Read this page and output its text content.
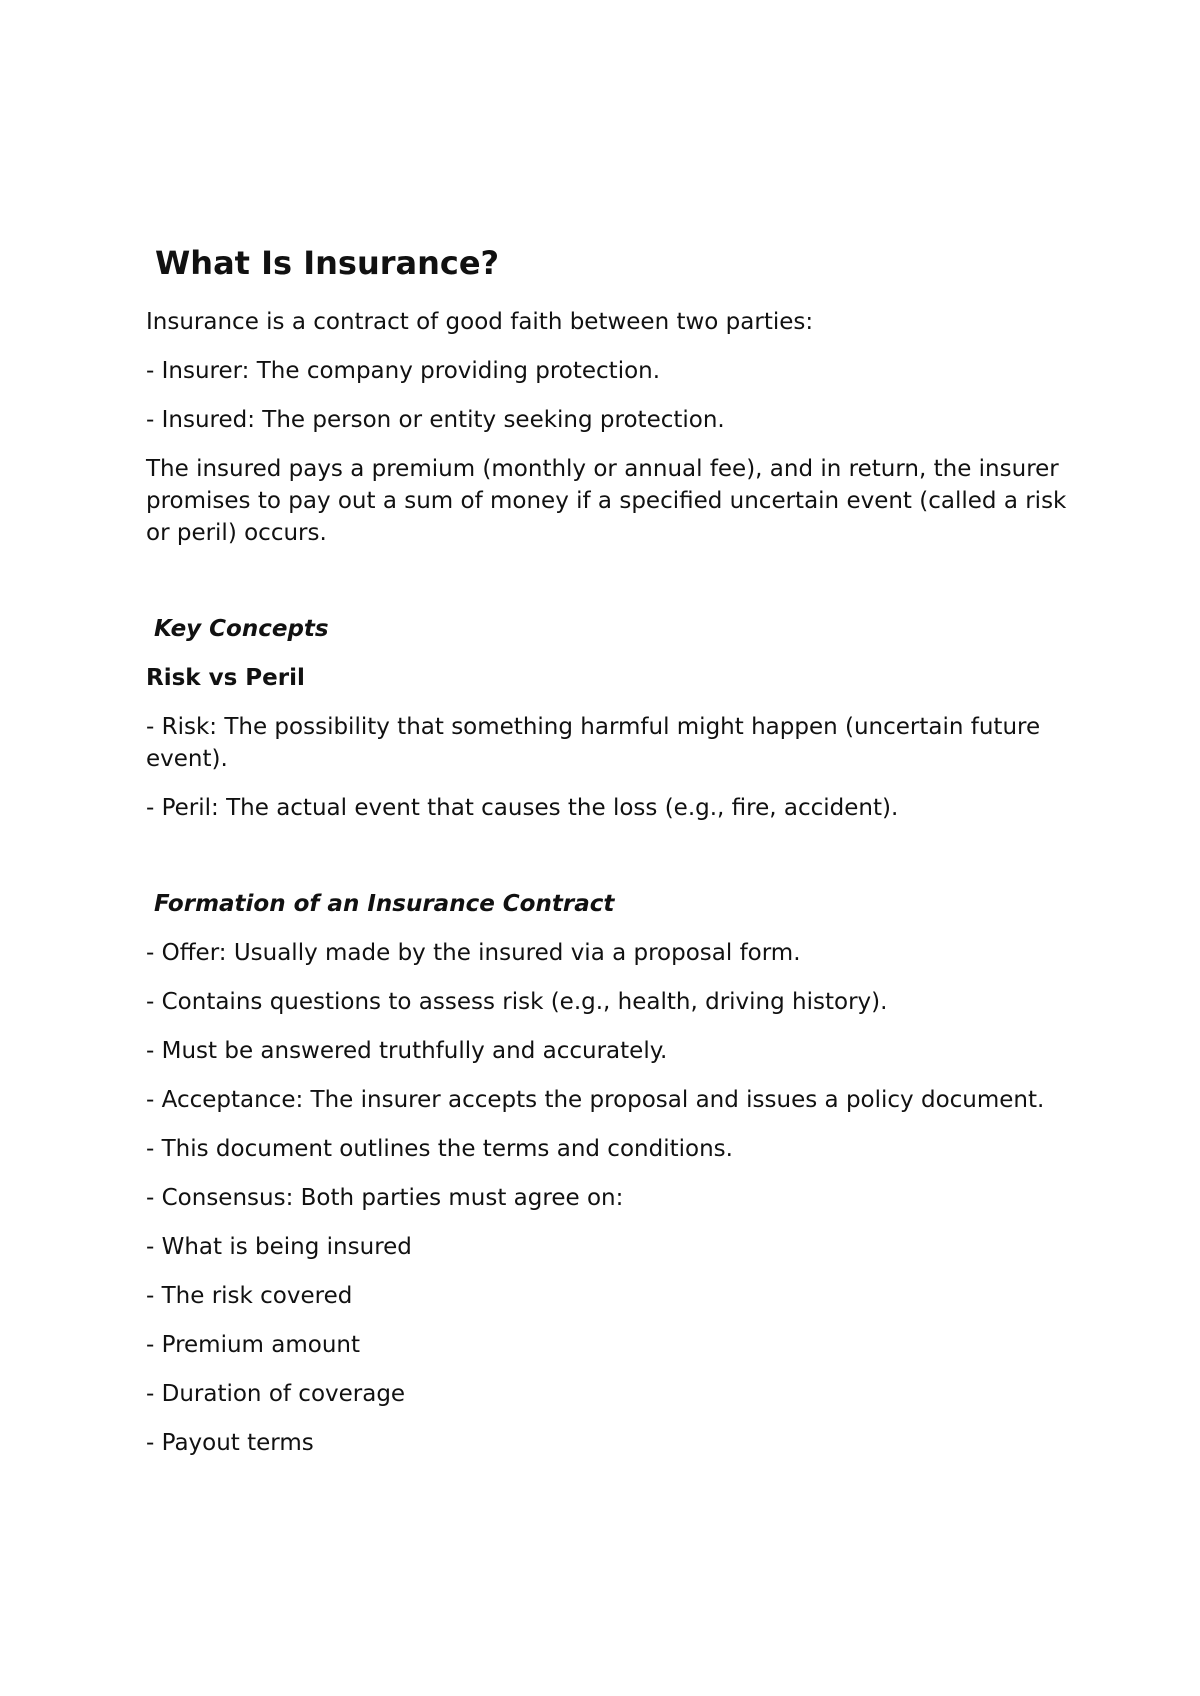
What Is Insurance?

Insurance is a contract of good faith between two parties:

- Insurer: The company providing protection.

- Insured: The person or entity seeking protection.

The insured pays a premium (monthly or annual fee), and in return, the insurer promises to pay out a sum of money if a specified uncertain event (called a risk or peril) occurs.

Key Concepts
Risk vs Peril

- Risk: The possibility that something harmful might happen (uncertain future event).

- Peril: The actual event that causes the loss (e.g., fire, accident).

Formation of an Insurance Contract

- Offer: Usually made by the insured via a proposal form.

- Contains questions to assess risk (e.g., health, driving history).

- Must be answered truthfully and accurately.

- Acceptance: The insurer accepts the proposal and issues a policy document.

- This document outlines the terms and conditions.

- Consensus: Both parties must agree on:

- What is being insured

- The risk covered

- Premium amount

- Duration of coverage

- Payout terms
